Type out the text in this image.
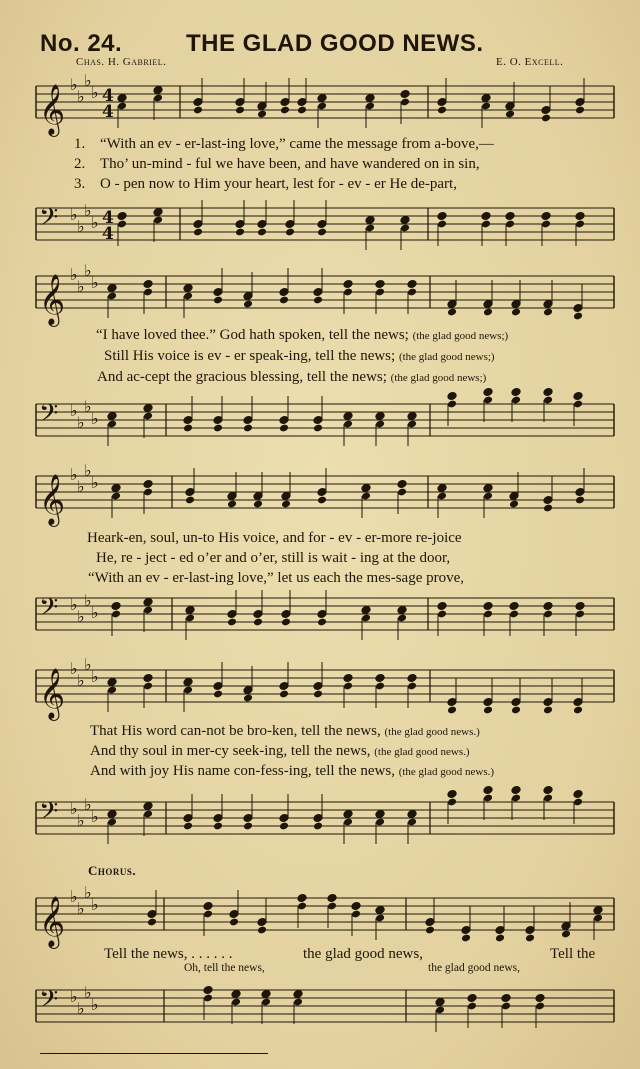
No. 24.	THE GLAD GOOD NEWS.
Chas. H. Gabriel.	E. O. Excell.
𝄞 ♭
♭
♭
♭ 4
4
1. “With an ev - er-last-ing love,” came the message from a-bove,—
2. Tho’ un-mind - ful we have been, and have wandered on in sin,
3. O - pen now to Him your heart, lest for - ev - er He de-part,
𝄢 ♭
♭
♭
♭ 4
4
𝄞 ♭
♭
♭
♭
“I have loved thee.” God hath spoken, tell the news; (the glad good news;)
Still His voice is ev - er speak-ing, tell the news; (the glad good news;)
And ac-cept the gracious blessing, tell the news; (the glad good news;)
𝄢 ♭
♭
♭
♭
𝄞 ♭
♭
♭
♭
Heark-en, soul, un-to His voice, and for - ev - er-more re-joice
He, re - ject - ed o’er and o’er, still is wait - ing at the door,
“With an ev - er-last-ing love,” let us each the mes-sage prove,
𝄢 ♭
♭
♭
♭
𝄞 ♭
♭
♭
♭
That His word can-not be bro-ken, tell the news, (the glad good news.)
And thy soul in mer-cy seek-ing, tell the news, (the glad good news.)
And with joy His name con-fess-ing, tell the news, (the glad good news.)
𝄢 ♭
♭
♭
♭
Chorus.
𝄞 ♭
♭
♭
♭
Tell the news, . . . . . .	the glad good news,	Tell the
Oh, tell the news,	the glad good news,
𝄢 ♭
♭
♭
♭
